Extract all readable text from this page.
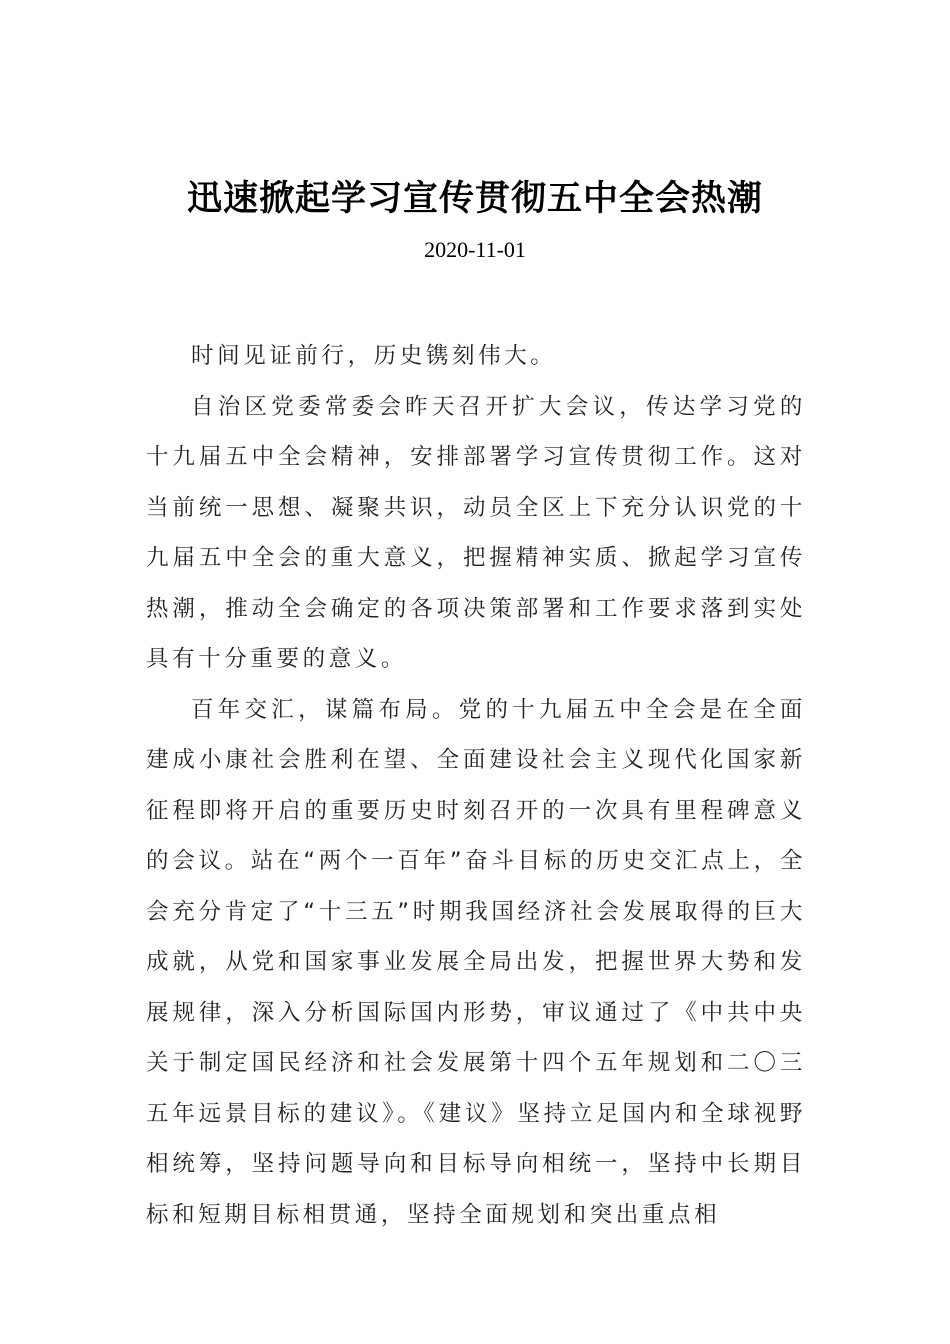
迅速掀起学习宣传贯彻五中全会热潮
2020-11-01

时间见证前行，历史镌刻伟大。

自治区党委常委会昨天召开扩大会议，传达学习党的十九届五中全会精神，安排部署学习宣传贯彻工作。这对当前统一思想、凝聚共识，动员全区上下充分认识党的十九届五中全会的重大意义，把握精神实质、掀起学习宣传热潮，推动全会确定的各项决策部署和工作要求落到实处具有十分重要的意义。

百年交汇，谋篇布局。党的十九届五中全会是在全面建成小康社会胜利在望、全面建设社会主义现代化国家新征程即将开启的重要历史时刻召开的一次具有里程碑意义的会议。站在“两个一百年”奋斗目标的历史交汇点上，全会充分肯定了“十三五”时期我国经济社会发展取得的巨大成就，从党和国家事业发展全局出发，把握世界大势和发展规律，深入分析国际国内形势，审议通过了《中共中央关于制定国民经济和社会发展第十四个五年规划和二〇三五年远景目标的建议》。《建议》坚持立足国内和全球视野相统筹，坚持问题导向和目标导向相统一，坚持中长期目标和短期目标相贯通，坚持全面规划和突出重点相
